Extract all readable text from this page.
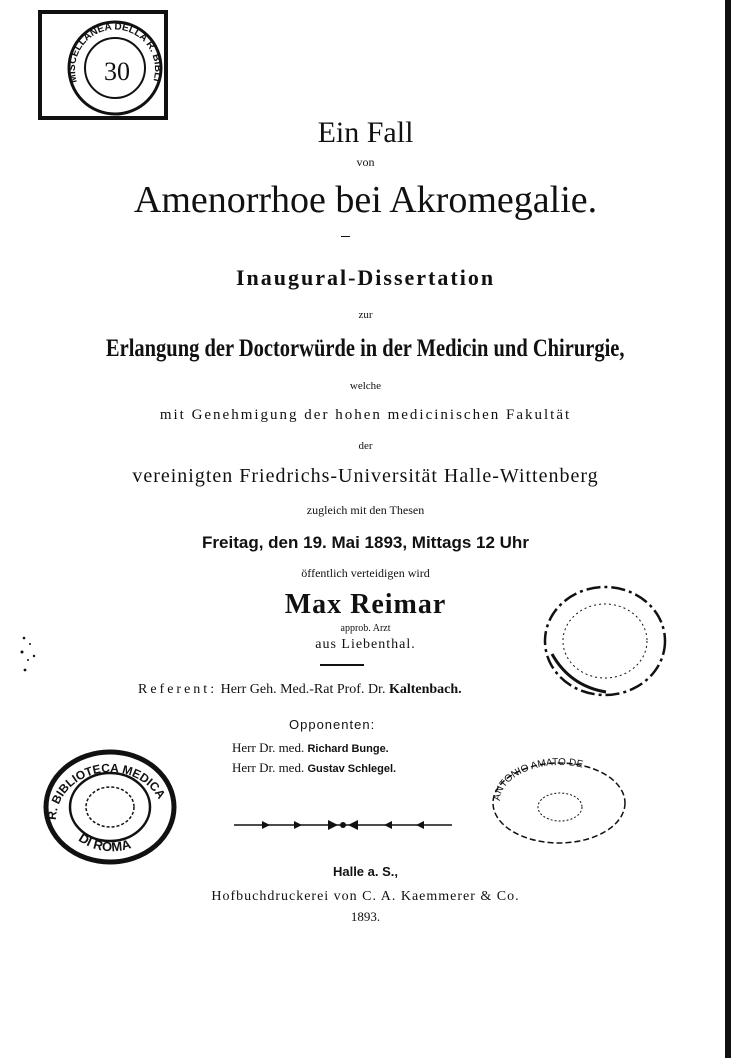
MISCELLANEA DELLA R. BIBLIOTECA MEDICA
30
Ein Fall
von
Amenorrhoe bei Akromegalie.
Inaugural-Dissertation
zur
Erlangung der Doctorwürde in der Medicin und Chirurgie,
welche
mit Genehmigung der hohen medicinischen Fakultät
der
vereinigten Friedrichs-Universität Halle-Wittenberg
zugleich mit den Thesen
Freitag, den 19. Mai 1893, Mittags 12 Uhr
öffentlich verteidigen wird
Max Reimar
approb. Arzt
aus Liebenthal.
Referent: Herr Geh. Med.-Rat Prof. Dr. Kaltenbach.
Opponenten:
Herr Dr. med. Richard Bunge.
Herr Dr. med. Gustav Schlegel.
R. BIBLIOTECA MEDICA
DI ROMA
ANTONIO AMATO DE
Halle a. S.,
Hofbuchdruckerei von C. A. Kaemmerer & Co.
1893.
